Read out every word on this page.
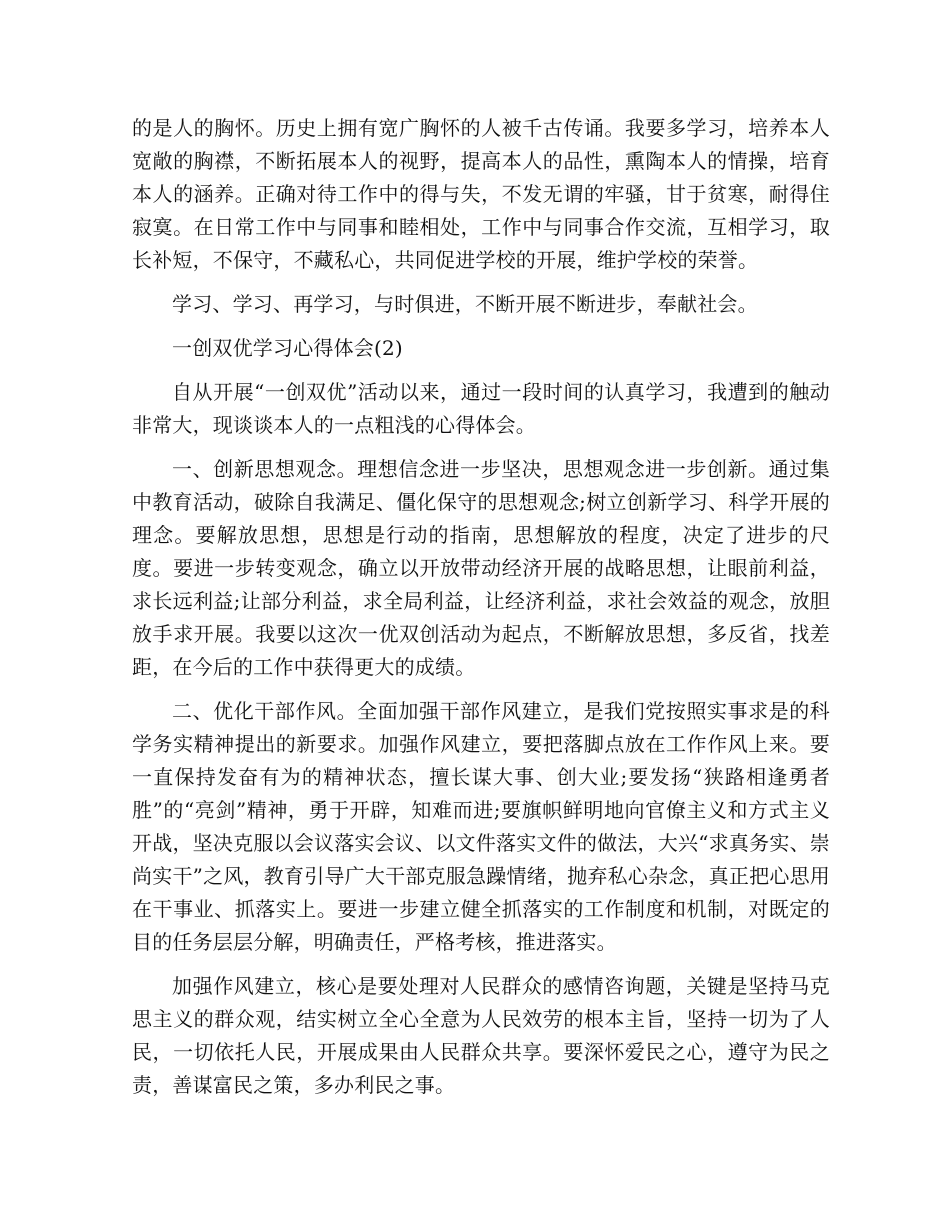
的是人的胸怀。历史上拥有宽广胸怀的人被千古传诵。我要多学习，培养本人宽敞的胸襟，不断拓展本人的视野，提高本人的品性，熏陶本人的情操，培育本人的涵养。正确对待工作中的得与失，不发无谓的牢骚，甘于贫寒，耐得住寂寞。在日常工作中与同事和睦相处，工作中与同事合作交流，互相学习，取长补短，不保守，不藏私心，共同促进学校的开展，维护学校的荣誉。

学习、学习、再学习，与时俱进，不断开展不断进步，奉献社会。

一创双优学习心得体会(2)

自从开展“一创双优”活动以来，通过一段时间的认真学习，我遭到的触动非常大，现谈谈本人的一点粗浅的心得体会。

一、创新思想观念。理想信念进一步坚决，思想观念进一步创新。通过集中教育活动，破除自我满足、僵化保守的思想观念;树立创新学习、科学开展的理念。要解放思想，思想是行动的指南，思想解放的程度，决定了进步的尺度。要进一步转变观念，确立以开放带动经济开展的战略思想，让眼前利益，求长远利益;让部分利益，求全局利益，让经济利益，求社会效益的观念，放胆放手求开展。我要以这次一优双创活动为起点，不断解放思想，多反省，找差距，在今后的工作中获得更大的成绩。

二、优化干部作风。全面加强干部作风建立，是我们党按照实事求是的科学务实精神提出的新要求。加强作风建立，要把落脚点放在工作作风上来。要一直保持发奋有为的精神状态，擅长谋大事、创大业;要发扬“狭路相逢勇者胜”的“亮剑”精神，勇于开辟，知难而进;要旗帜鲜明地向官僚主义和方式主义开战，坚决克服以会议落实会议、以文件落实文件的做法，大兴“求真务实、崇尚实干”之风，教育引导广大干部克服急躁情绪，抛弃私心杂念，真正把心思用在干事业、抓落实上。要进一步建立健全抓落实的工作制度和机制，对既定的目的任务层层分解，明确责任，严格考核，推进落实。

加强作风建立，核心是要处理对人民群众的感情咨询题，关键是坚持马克思主义的群众观，结实树立全心全意为人民效劳的根本主旨，坚持一切为了人民，一切依托人民，开展成果由人民群众共享。要深怀爱民之心，遵守为民之责，善谋富民之策，多办利民之事。
